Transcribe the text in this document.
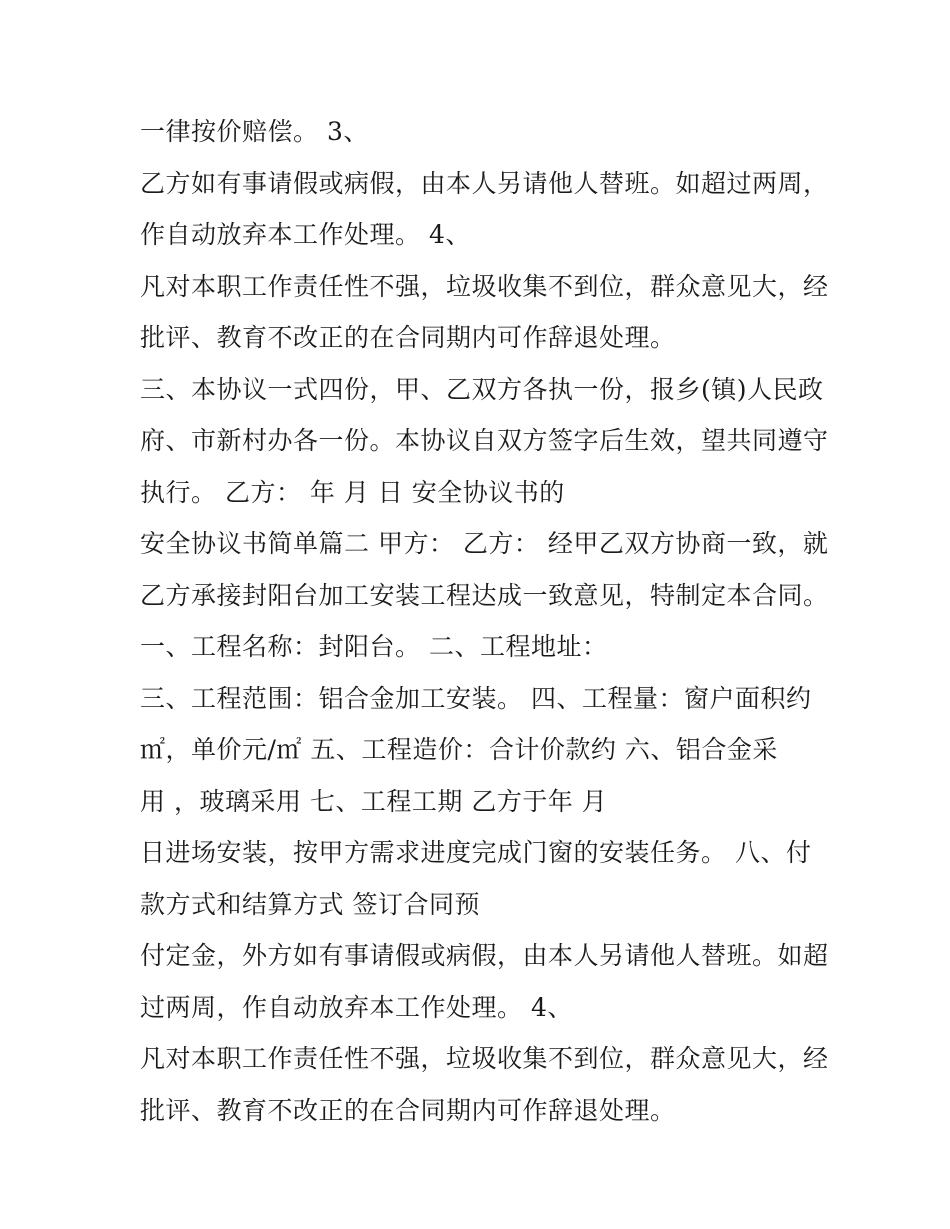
一律按价赔偿。 3、
乙方如有事请假或病假，由本人另请他人替班。如超过两周，
作自动放弃本工作处理。 4、
凡对本职工作责任性不强，垃圾收集不到位，群众意见大，经
批评、教育不改正的在合同期内可作辞退处理。
三、本协议一式四份，甲、乙双方各执一份，报乡(镇)人民政
府、市新村办各一份。本协议自双方签字后生效，望共同遵守
执行。 乙方： 年 月 日 安全协议书的
安全协议书简单篇二 甲方： 乙方： 经甲乙双方协商一致，就
乙方承接封阳台加工安装工程达成一致意见，特制定本合同。
一、工程名称：封阳台。 二、工程地址：
三、工程范围：铝合金加工安装。 四、工程量：窗户面积约
㎡，单价元/㎡ 五、工程造价：合计价款约 六、铝合金采
用 ，玻璃采用 七、工程工期 乙方于年 月
日进场安装，按甲方需求进度完成门窗的安装任务。 八、付
款方式和结算方式 签订合同预
付定金，外方如有事请假或病假，由本人另请他人替班。如超
过两周，作自动放弃本工作处理。 4、
凡对本职工作责任性不强，垃圾收集不到位，群众意见大，经
批评、教育不改正的在合同期内可作辞退处理。
